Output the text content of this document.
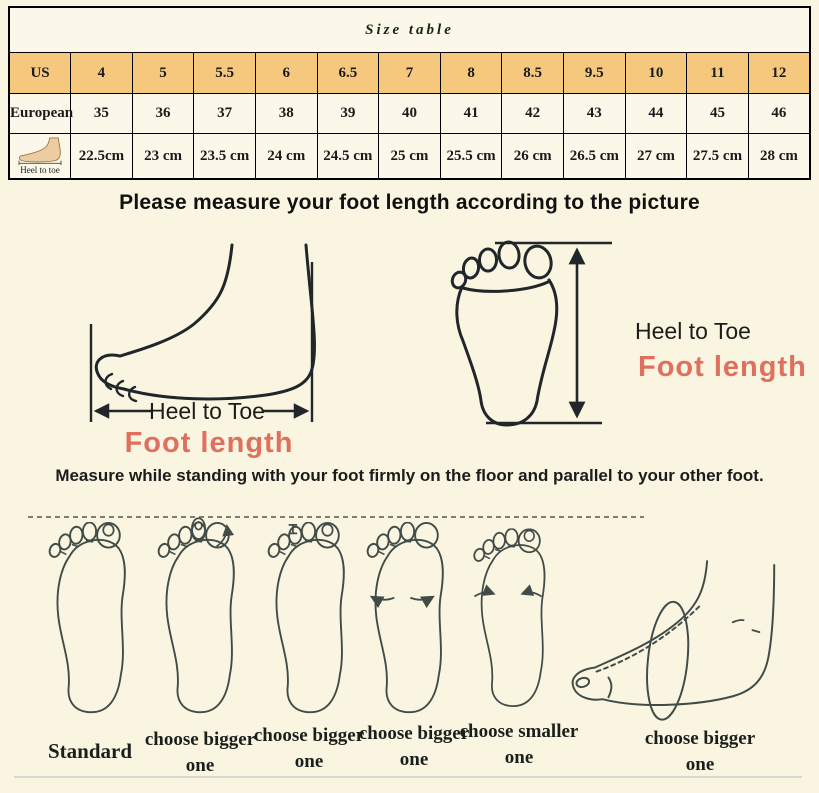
Size table												
US	4	5	5.5	6	6.5	7	8	8.5	9.5	10	11	12
European	35	36	37	38	39	40	41	42	43	44	45	46

Heel to toe	22.5cm	23 cm	23.5 cm	24 cm	24.5 cm	25 cm	25.5 cm	26 cm	26.5 cm	27 cm	27.5 cm	28 cm
Please measure your foot length according to the picture
Heel to Toe
Foot length
Heel to Toe
Foot length
Measure while standing with your foot firmly on the floor and parallel to your other foot.
Standard choose bigger one
choose bigger one
choose bigger one
choose smaller one
choose bigger one
